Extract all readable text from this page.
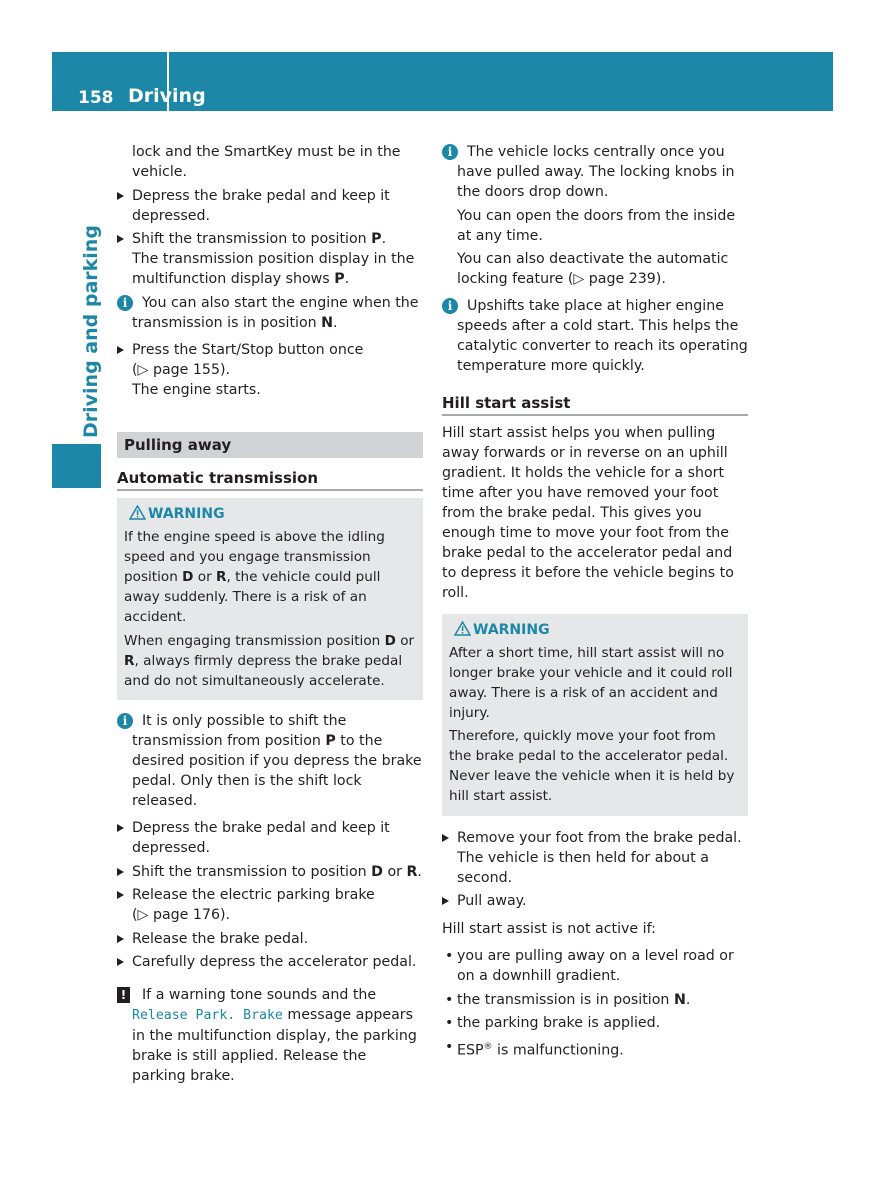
158 Driving
Driving and parking

lock and the SmartKey must be in the vehicle.

Depress the brake pedal and keep it depressed.
Shift the transmission to position P.
The transmission position display in the multifunction display shows P.
i	You can also start the engine when the transmission is in position N.
Press the Start/Stop button once
(▷ page 155).
The engine starts.
Pulling away
Automatic transmission
WARNING

If the engine speed is above the idling speed and you engage transmission position D or R, the vehicle could pull away suddenly. There is a risk of an accident.

When engaging transmission position D or R, always firmly depress the brake pedal and do not simultaneously accelerate.

i	It is only possible to shift the transmission from position P to the desired position if you depress the brake pedal. Only then is the shift lock released.
Depress the brake pedal and keep it depressed.
Shift the transmission to position D or R.
Release the electric parking brake
(▷ page 176).
Release the brake pedal.
Carefully depress the accelerator pedal.
! If a warning tone sounds and the Release Park. Brake message appears in the multifunction display, the parking brake is still applied. Release the parking brake.
i	The vehicle locks centrally once you have pulled away. The locking knobs in the doors drop down.

You can open the doors from the inside at any time.

You can also deactivate the automatic locking feature (▷ page 239).

i	Upshifts take place at higher engine speeds after a cold start. This helps the catalytic converter to reach its operating temperature more quickly.

Hill start assist

Hill start assist helps you when pulling away forwards or in reverse on an uphill gradient. It holds the vehicle for a short time after you have removed your foot from the brake pedal. This gives you enough time to move your foot from the brake pedal to the accelerator pedal and to depress it before the vehicle begins to roll.

WARNING

After a short time, hill start assist will no longer brake your vehicle and it could roll away. There is a risk of an accident and injury.

Therefore, quickly move your foot from the brake pedal to the accelerator pedal. Never leave the vehicle when it is held by hill start assist.

Remove your foot from the brake pedal.
The vehicle is then held for about a second.
Pull away.

Hill start assist is not active if:

• you are pulling away on a level road or on a downhill gradient.
• the transmission is in position N.
• the parking brake is applied.
• ESP® is malfunctioning.
